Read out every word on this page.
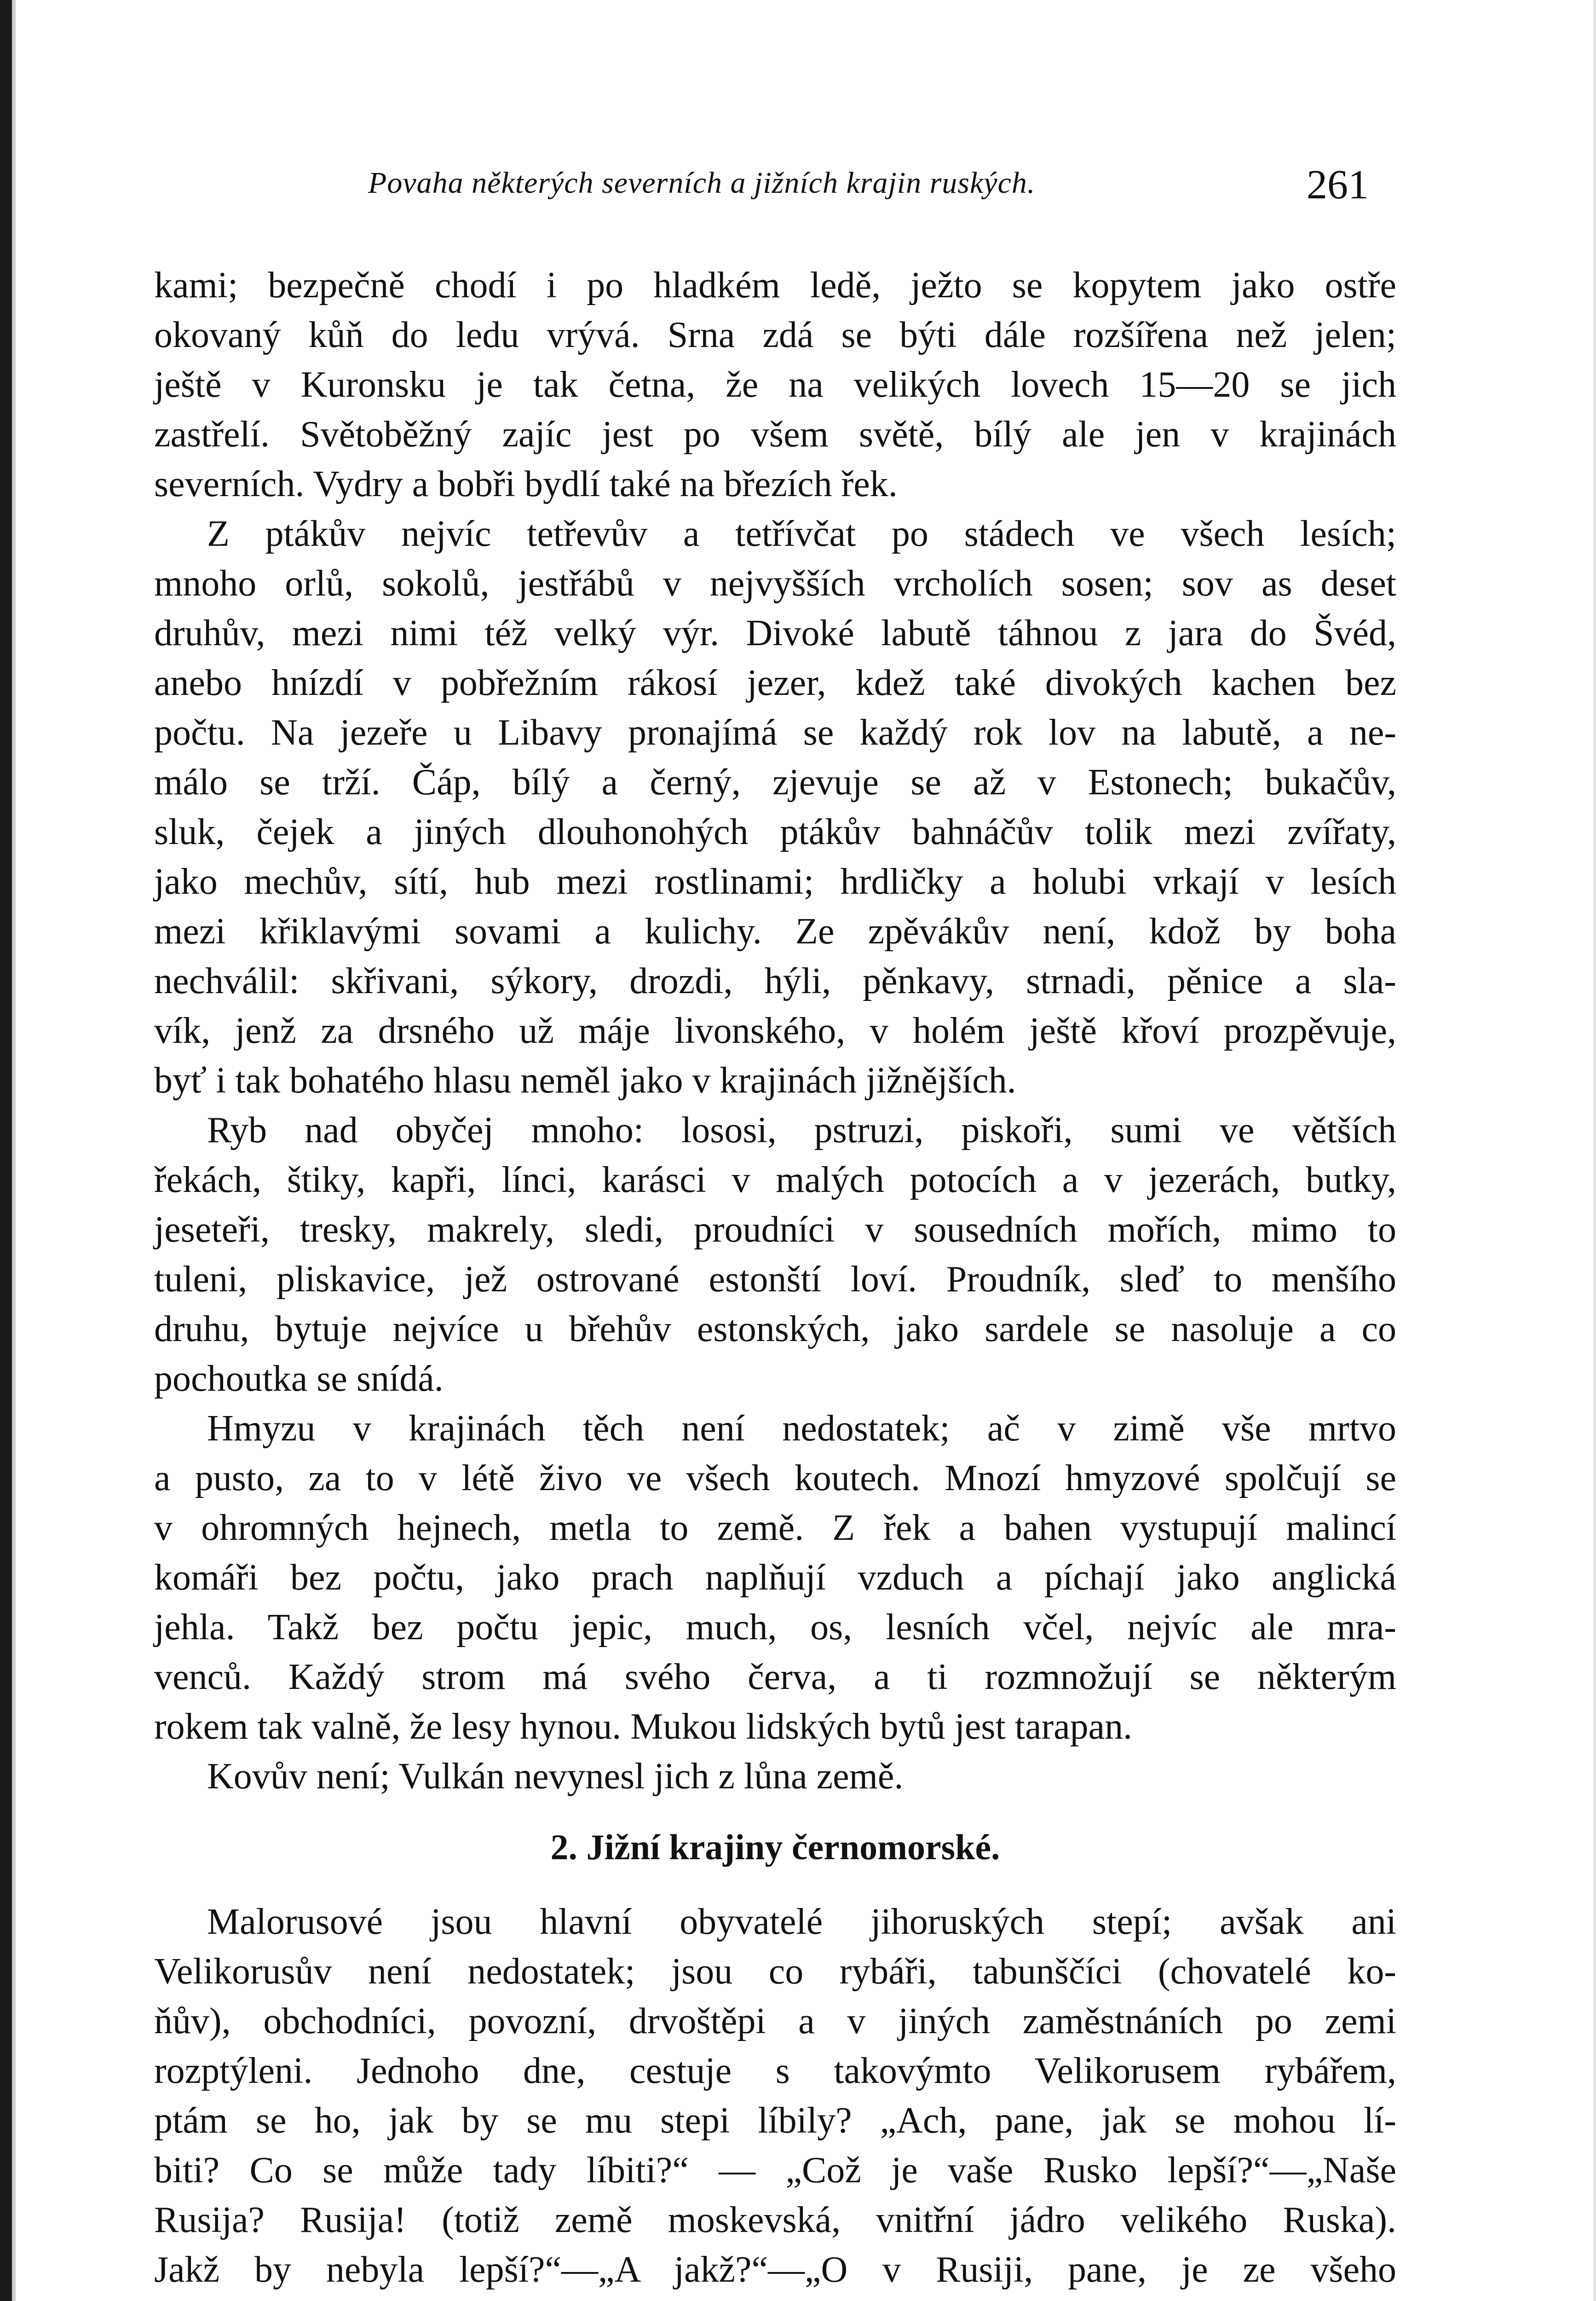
Povaha některých severních a jižních krajin ruských.	261
kami; bezpečně chodí i po hladkém ledě, ježto se kopytem jako ostře
okovaný kůň do ledu vrývá. Srna zdá se býti dále rozšířena než jelen;
ještě v Kuronsku je tak četna, že na velikých lovech 15—20 se jich
zastřelí. Světoběžný zajíc jest po všem světě, bílý ale jen v krajinách
severních. Vydry a bobři bydlí také na březích řek.
Z ptákův nejvíc tetřevův a tetřívčat po stádech ve všech lesích;
mnoho orlů, sokolů, jestřábů v nejvyšších vrcholích sosen; sov as deset
druhův, mezi nimi též velký výr. Divoké labutě táhnou z jara do Švéd,
anebo hnízdí v pobřežním rákosí jezer, kdež také divokých kachen bez
počtu. Na jezeře u Libavy pronajímá se každý rok lov na labutě, a ne-
málo se trží. Čáp, bílý a černý, zjevuje se až v Estonech; bukačův,
sluk, čejek a jiných dlouhonohých ptákův bahnáčův tolik mezi zvířaty,
jako mechův, sítí, hub mezi rostlinami; hrdličky a holubi vrkají v lesích
mezi křiklavými sovami a kulichy. Ze zpěvákův není, kdož by boha
nechválil: skřivani, sýkory, drozdi, hýli, pěnkavy, strnadi, pěnice a sla-
vík, jenž za drsného už máje livonského, v holém ještě křoví prozpěvuje,
byť i tak bohatého hlasu neměl jako v krajinách jižnějších.
Ryb nad obyčej mnoho: lososi, pstruzi, piskoři, sumi ve větších
řekách, štiky, kapři, línci, karásci v malých potocích a v jezerách, butky,
jeseteři, tresky, makrely, sledi, proudníci v sousedních mořích, mimo to
tuleni, pliskavice, jež ostrované estonští loví. Proudník, sleď to menšího
druhu, bytuje nejvíce u břehův estonských, jako sardele se nasoluje a co
pochoutka se snídá.
Hmyzu v krajinách těch není nedostatek; ač v zimě vše mrtvo
a pusto, za to v létě živo ve všech koutech. Mnozí hmyzové spolčují se
v ohromných hejnech, metla to země. Z řek a bahen vystupují malincí
komáři bez počtu, jako prach naplňují vzduch a píchají jako anglická
jehla. Takž bez počtu jepic, much, os, lesních včel, nejvíc ale mra-
venců. Každý strom má svého červa, a ti rozmnožují se některým
rokem tak valně, že lesy hynou. Mukou lidských bytů jest tarapan.
Kovův není; Vulkán nevynesl jich z lůna země.
2. Jižní krajiny černomorské.
Malorusové jsou hlavní obyvatelé jihoruských stepí; avšak ani
Velikorusův není nedostatek; jsou co rybáři, tabunščíci (chovatelé ko-
ňův), obchodníci, povozní, drvoštěpi a v jiných zaměstnáních po zemi
rozptýleni. Jednoho dne, cestuje s takovýmto Velikorusem rybářem,
ptám se ho, jak by se mu stepi líbily? „Ach, pane, jak se mohou lí-
biti? Co se může tady líbiti?“ — „Což je vaše Rusko lepší?“—„Naše
Rusija? Rusija! (totiž země moskevská, vnitřní jádro velikého Ruska).
Jakž by nebyla lepší?“—„A jakž?“—„O v Rusiji, pane, je ze všeho
